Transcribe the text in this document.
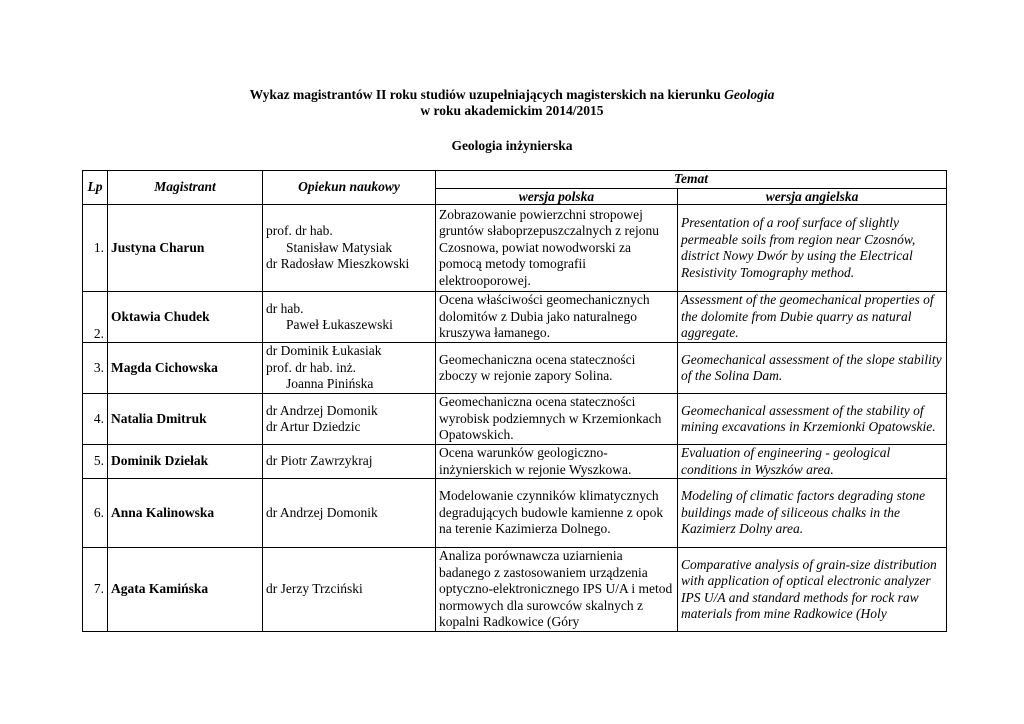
Wykaz magistrantów II roku studiów uzupełniających magisterskich na kierunku Geologia
w roku akademickim 2014/2015
Geologia inżynierska
Lp	Magistrant	Opiekun naukowy	Temat	
			wersja polska	wersja angielska
1.	Justyna Charun	prof. dr hab.
Stanisław Matysiak
dr Radosław Mieszkowski	Zobrazowanie powierzchni stropowej gruntów słaboprzepuszczalnych z rejonu Czosnowa, powiat nowodworski za pomocą metody tomografii elektrooporowej.	Presentation of a roof surface of slightly permeable soils from region near Czosnów, district Nowy Dwór by using the Electrical Resistivity Tomography method.
2.	Oktawia Chudek	dr hab.
Paweł Łukaszewski	Ocena właściwości geomechanicznych dolomitów z Dubia jako naturalnego kruszywa łamanego.	Assessment of the geomechanical properties of the dolomite from Dubie quarry as natural aggregate.
3.	Magda Cichowska	dr Dominik Łukasiak
prof. dr hab. inż.
Joanna Pinińska	Geomechaniczna ocena stateczności zboczy w rejonie zapory Solina.	Geomechanical assessment of the slope stability of the Solina Dam.
4.	Natalia Dmitruk	dr Andrzej Domonik
dr Artur Dziedzic	Geomechaniczna ocena stateczności wyrobisk podziemnych w Krzemionkach Opatowskich.	Geomechanical assessment of the stability of mining excavations in Krzemionki Opatowskie.
5.	Dominik Dziełak	dr Piotr Zawrzykraj	Ocena warunków geologiczno-inżynierskich w rejonie Wyszkowa.	Evaluation of engineering - geological conditions in Wyszków area.
6.	Anna Kalinowska	dr Andrzej Domonik	Modelowanie czynników klimatycznych degradujących budowle kamienne z opok na terenie Kazimierza Dolnego.	Modeling of climatic factors degrading stone buildings made of siliceous chalks in the Kazimierz Dolny area.
7.	Agata Kamińska	dr Jerzy Trzciński	Analiza porównawcza uziarnienia badanego z zastosowaniem urządzenia optyczno-elektronicznego IPS U/A i metod normowych dla surowców skalnych z kopalni Radkowice (Góry	Comparative analysis of grain-size distribution with application of optical electronic analyzer IPS U/A and standard methods for rock raw materials from mine Radkowice (Holy
